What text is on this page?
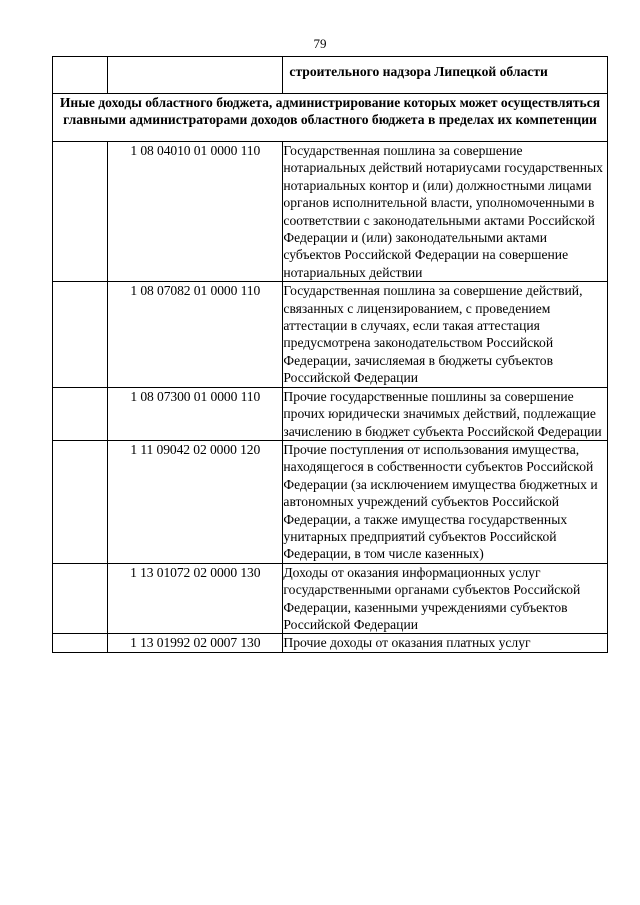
79
		строительного надзора Липецкой области
Иные доходы областного бюджета, администрирование которых может осуществляться главными администраторами доходов областного бюджета в пределах их компетенции		
	1 08 04010 01 0000 110	Государственная пошлина за совершение нотариальных действий нотариусами государственных нотариальных контор и (или) должностными лицами органов исполнительной власти, уполномоченными в соответствии с законодательными актами Российской Федерации и (или) законодательными актами субъектов Российской Федерации на совершение нотариальных действии
	1 08 07082 01 0000 110	Государственная пошлина за совершение действий, связанных с лицензированием, с проведением аттестации в случаях, если такая аттестация предусмотрена законодательством Российской Федерации, зачисляемая в бюджеты субъектов Российской Федерации
	1 08 07300 01 0000 110	Прочие государственные пошлины за совершение прочих юридически значимых действий, подлежащие зачислению в бюджет субъекта Российской Федерации
	1 11 09042 02 0000 120	Прочие поступления от использования имущества, находящегося в собственности субъектов Российской Федерации (за исключением имущества бюджетных и автономных учреждений субъектов Российской Федерации, а также имущества государственных унитарных предприятий субъектов Российской Федерации, в том числе казенных)
	1 13 01072 02 0000 130	Доходы от оказания информационных услуг государственными органами субъектов Российской Федерации, казенными учреждениями субъектов Российской Федерации
	1 13 01992 02 0007 130	Прочие доходы от оказания платных услуг
